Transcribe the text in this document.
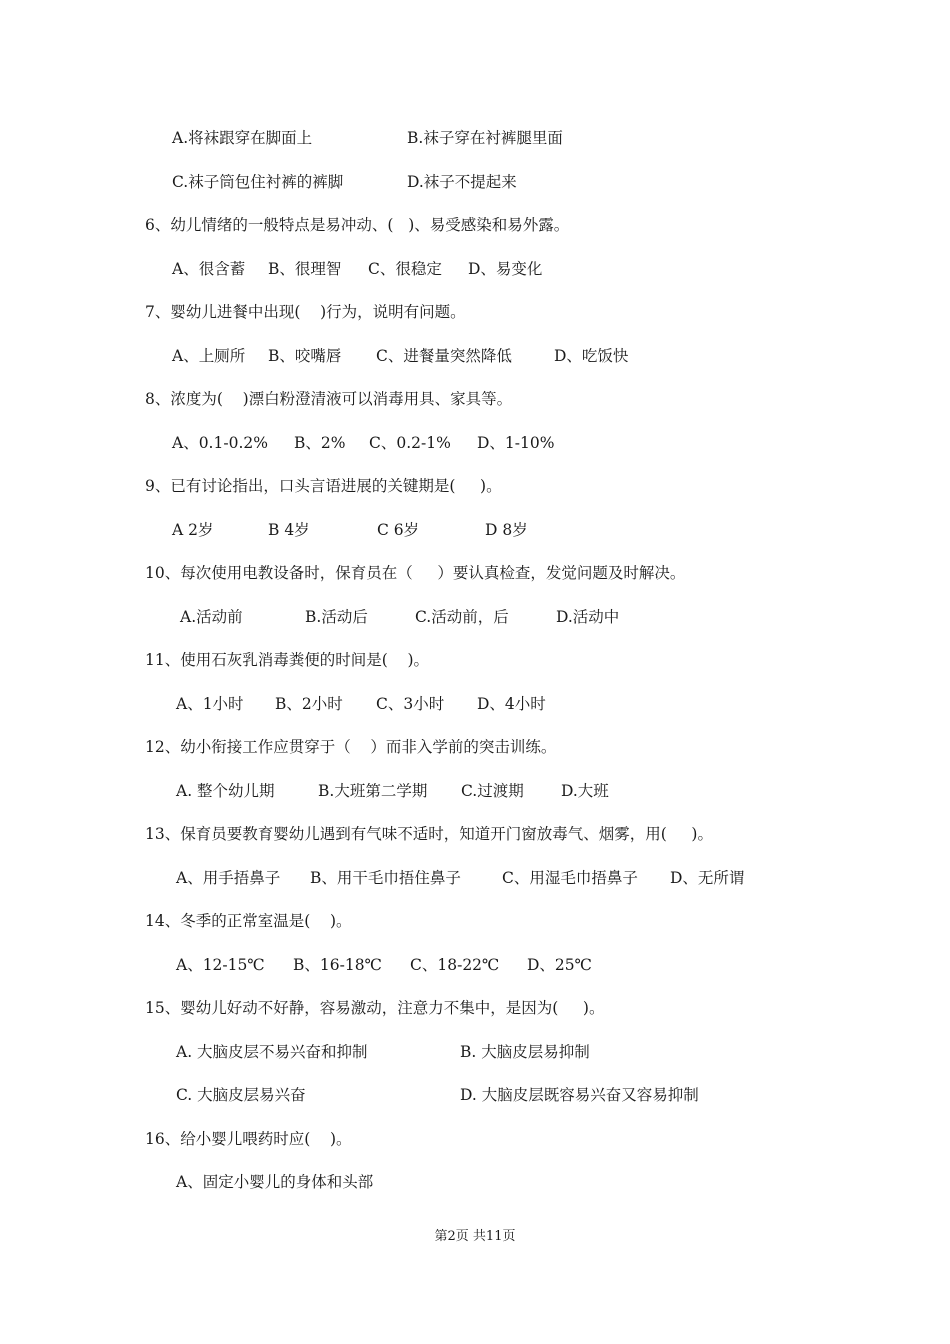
A.将袜跟穿在脚面上	B.袜子穿在衬裤腿里面
C.袜子筒包住衬裤的裤脚	D.袜子不提起来
6、幼儿情绪的一般特点是易冲动、(   )、易受感染和易外露。
A、很含蓄 B、很理智 C、很稳定 D、易变化
7、婴幼儿进餐中出现(    )行为，说明有问题。
A、上厕所 B、咬嘴唇 C、进餐量突然降低	D、吃饭快
8、浓度为(    )漂白粉澄清液可以消毒用具、家具等。
A、0.1-0.2% B、2% C、0.2-1% D、1-10%
9、已有讨论指出，口头言语进展的关键期是(     )。
A 2岁	B 4岁	C 6岁	D 8岁
10、每次使用电教设备时，保育员在（     ）要认真检查，发觉问题及时解决。
A.活动前	B.活动后	C.活动前，后	D.活动中
11、使用石灰乳消毒粪便的时间是(    )。
A、1小时 B、2小时 C、3小时 D、4小时
12、幼小衔接工作应贯穿于（    ）而非入学前的突击训练。
A. 整个幼儿期	B.大班第二学期 C.过渡期 D.大班
13、保育员要教育婴幼儿遇到有气味不适时，知道开门窗放毒气、烟雾，用(     )。
A、用手捂鼻子 B、用干毛巾捂住鼻子	C、用湿毛巾捂鼻子 D、无所谓
14、冬季的正常室温是(    )。
A、12-15℃ B、16-18℃ C、18-22℃ D、25℃
15、婴幼儿好动不好静，容易激动，注意力不集中，是因为(     )。
A. 大脑皮层不易兴奋和抑制	B. 大脑皮层易抑制
C. 大脑皮层易兴奋	D. 大脑皮层既容易兴奋又容易抑制
16、给小婴儿喂药时应(    )。
A、固定小婴儿的身体和头部
第2页 共11页
